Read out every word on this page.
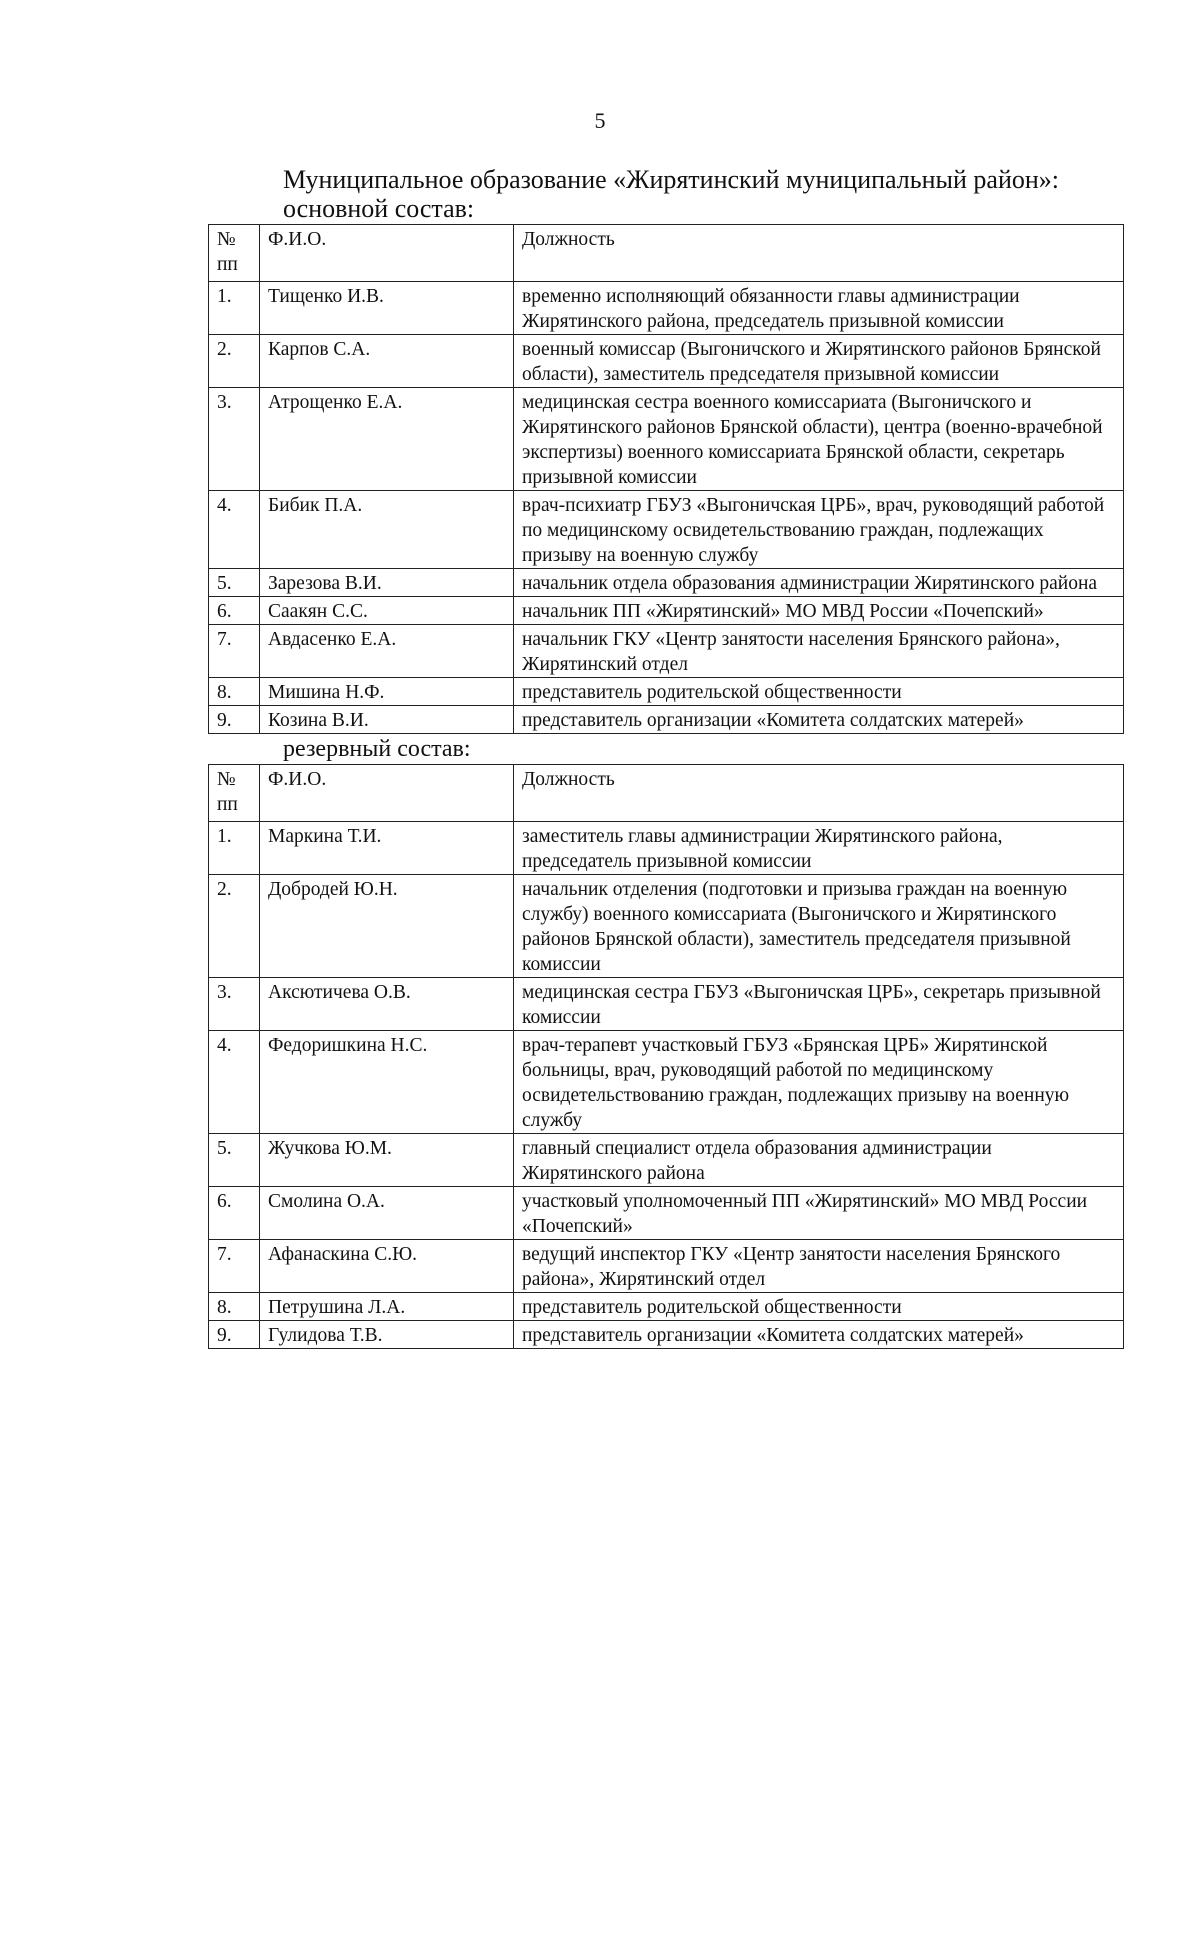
5
Муниципальное образование «Жирятинский муниципальный район»:
основной состав:
№ пп	Ф.И.О.	Должность
1.	Тищенко И.В.	временно исполняющий обязанности главы администрации Жирятинского района, председатель призывной комиссии
2.	Карпов С.А.	военный комиссар (Выгоничского и Жирятинского районов Брянской области), заместитель председателя призывной комиссии
3.	Атрощенко Е.А.	медицинская сестра военного комиссариата (Выгоничского и Жирятинского районов Брянской области), центра (военно-врачебной экспертизы) военного комиссариата Брянской области, секретарь призывной комиссии
4.	Бибик П.А.	врач-психиатр ГБУЗ «Выгоничская ЦРБ», врач, руководящий работой по медицинскому освидетельствованию граждан, подлежащих призыву на военную службу
5.	Зарезова В.И.	начальник отдела образования администрации Жирятинского района
6.	Саакян С.С.	начальник ПП «Жирятинский» МО МВД России «Почепский»
7.	Авдасенко Е.А.	начальник ГКУ «Центр занятости населения Брянского района», Жирятинский отдел
8.	Мишина Н.Ф.	представитель родительской общественности
9.	Козина В.И.	представитель организации «Комитета солдатских матерей»
резервный состав:
№ пп	Ф.И.О.	Должность
1.	Маркина Т.И.	заместитель главы администрации Жирятинского района, председатель призывной комиссии
2.	Добродей Ю.Н.	начальник отделения (подготовки и призыва граждан на военную службу) военного комиссариата (Выгоничского и Жирятинского районов Брянской области), заместитель председателя призывной комиссии
3.	Аксютичева О.В.	медицинская сестра ГБУЗ «Выгоничская ЦРБ», секретарь призывной комиссии
4.	Федоришкина Н.С.	врач-терапевт участковый ГБУЗ «Брянская ЦРБ» Жирятинской больницы, врач, руководящий работой по медицинскому освидетельствованию граждан, подлежащих призыву на военную службу
5.	Жучкова Ю.М.	главный специалист отдела образования администрации Жирятинского района
6.	Смолина О.А.	участковый уполномоченный ПП «Жирятинский» МО МВД России «Почепский»
7.	Афанаскина С.Ю.	ведущий инспектор ГКУ «Центр занятости населения Брянского района», Жирятинский отдел
8.	Петрушина Л.А.	представитель родительской общественности
9.	Гулидова Т.В.	представитель организации «Комитета солдатских матерей»
